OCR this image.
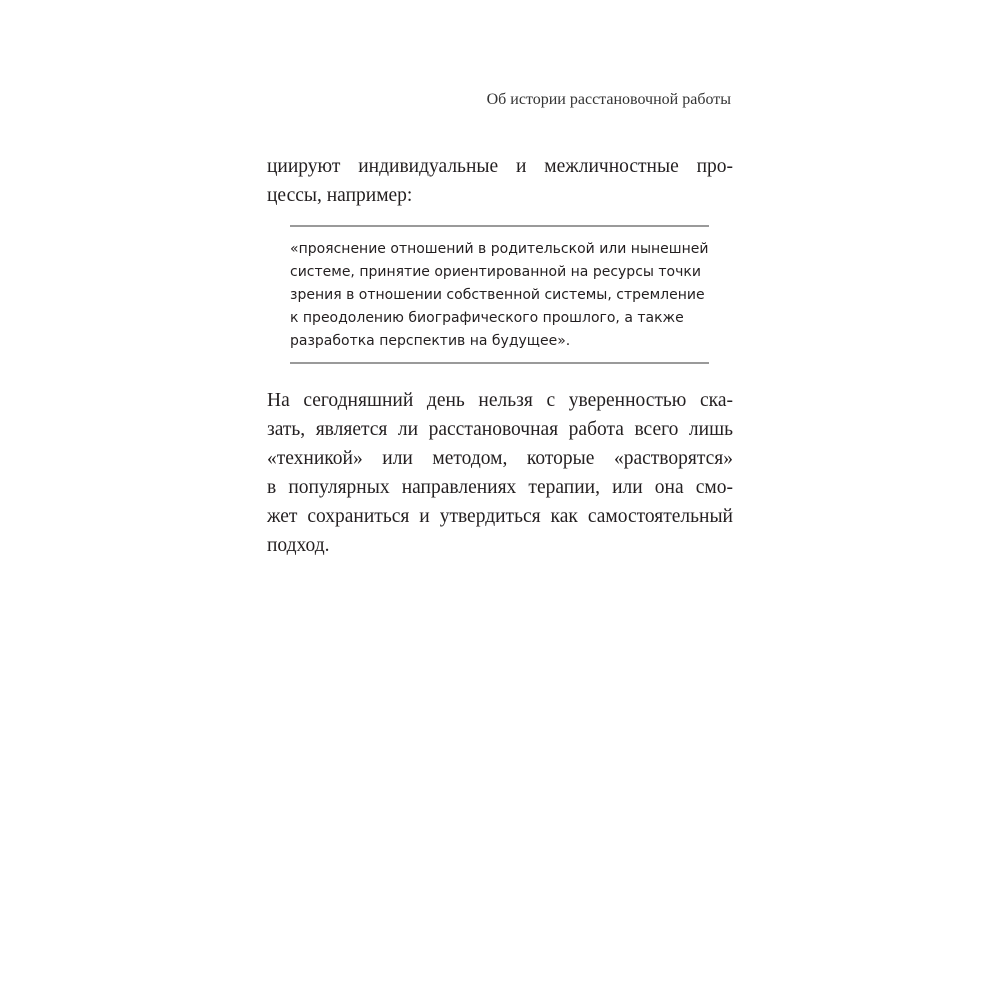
Об истории расстановочной работы
циируют индивидуальные и межличностные про-
цессы, например:
«прояснение отношений в родительской или нынешней
системе, принятие ориентированной на ресурсы точки
зрения в отношении собственной системы, стремление
к преодолению биографического прошлого, а также
разработка перспектив на будущее».
На сегодняшний день нельзя с уверенностью ска-
зать, является ли расстановочная работа всего лишь
«техникой» или методом, которые «растворятся»
в популярных направлениях терапии, или она смо-
жет сохраниться и утвердиться как самостоятельный
подход.
